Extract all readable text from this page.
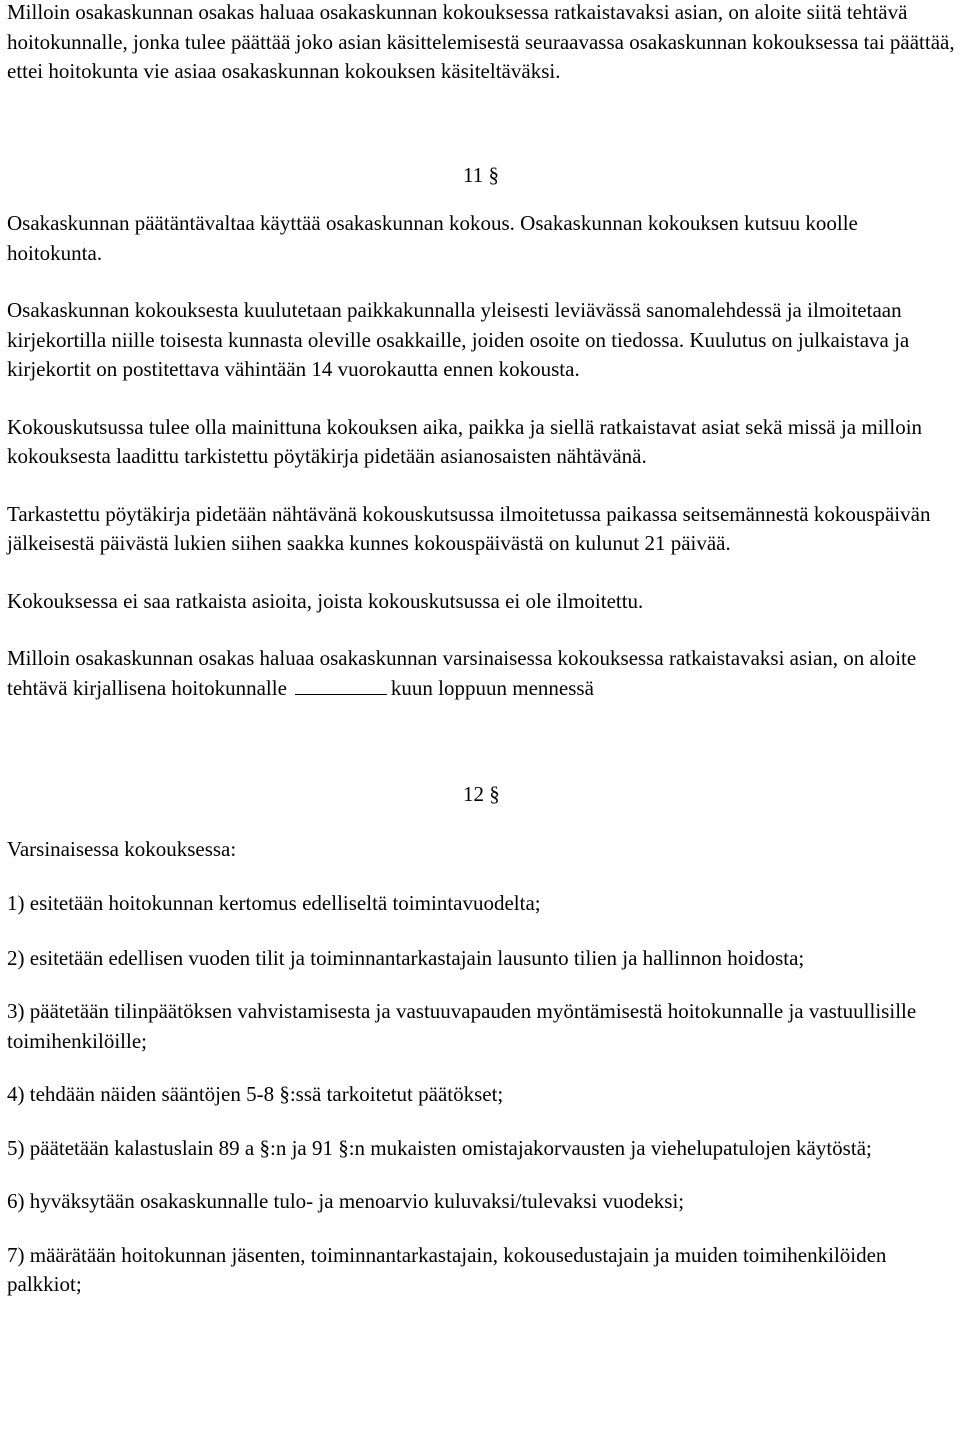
Milloin osakaskunnan osakas haluaa osakaskunnan kokouksessa ratkaistavaksi asian, on aloite siitä tehtävä hoitokunnalle, jonka tulee päättää joko asian käsittelemisestä seuraavassa osakaskunnan kokouksessa tai päättää, ettei hoitokunta vie asiaa osakaskunnan kokouksen käsiteltäväksi.

11 §

Osakaskunnan päätäntävaltaa käyttää osakaskunnan kokous. Osakaskunnan kokouksen kutsuu koolle hoitokunta.

Osakaskunnan kokouksesta kuulutetaan paikkakunnalla yleisesti leviävässä sanomalehdessä ja ilmoitetaan kirjekortilla niille toisesta kunnasta oleville osakkaille, joiden osoite on tiedossa. Kuulutus on julkaistava ja kirjekortit on postitettava vähintään 14 vuorokautta ennen kokousta.

Kokouskutsussa tulee olla mainittuna kokouksen aika, paikka ja siellä ratkaistavat asiat sekä missä ja milloin kokouksesta laadittu tarkistettu pöytäkirja pidetään asianosaisten nähtävänä.

Tarkastettu pöytäkirja pidetään nähtävänä kokouskutsussa ilmoitetussa paikassa seitsemännestä kokouspäivän jälkeisestä päivästä lukien siihen saakka kunnes kokouspäivästä on kulunut 21 päivää.

Kokouksessa ei saa ratkaista asioita, joista kokouskutsussa ei ole ilmoitettu.

Milloin osakaskunnan osakas haluaa osakaskunnan varsinaisessa kokouksessa ratkaistavaksi asian, on aloite tehtävä kirjallisena hoitokunnalle	kuun loppuun mennessä

12 §

Varsinaisessa kokouksessa:

1) esitetään hoitokunnan kertomus edelliseltä toimintavuodelta;

2) esitetään edellisen vuoden tilit ja toiminnantarkastajain lausunto tilien ja hallinnon hoidosta;

3) päätetään tilinpäätöksen vahvistamisesta ja vastuuvapauden myöntämisestä hoitokunnalle ja vastuullisille toimihenkilöille;

4) tehdään näiden sääntöjen 5-8 §:ssä tarkoitetut päätökset;

5) päätetään kalastuslain 89 a §:n ja 91 §:n mukaisten omistajakorvausten ja viehelupatulojen käytöstä;

6) hyväksytään osakaskunnalle tulo- ja menoarvio kuluvaksi/tulevaksi vuodeksi;

7) määrätään hoitokunnan jäsenten, toiminnantarkastajain, kokousedustajain ja muiden toimihenkilöiden palkkiot;
